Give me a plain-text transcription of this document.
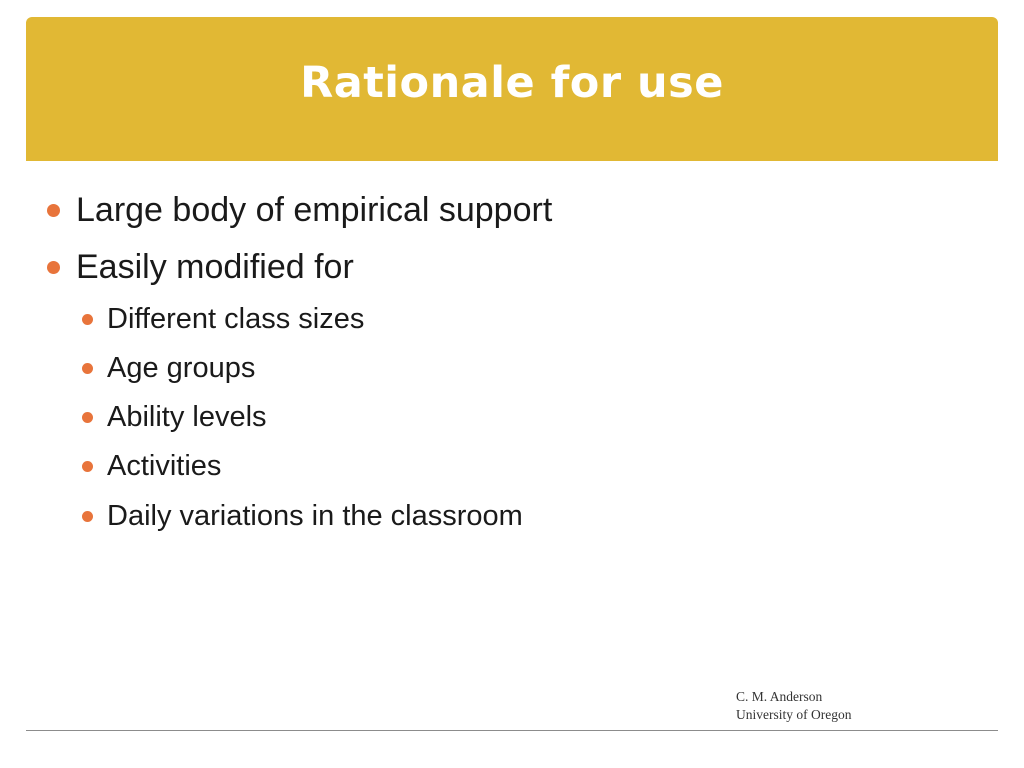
Rationale for use
Large body of empirical support
Easily modified for
Different class sizes
Age groups
Ability levels
Activities
Daily variations in the classroom
C. M. Anderson
University of Oregon
